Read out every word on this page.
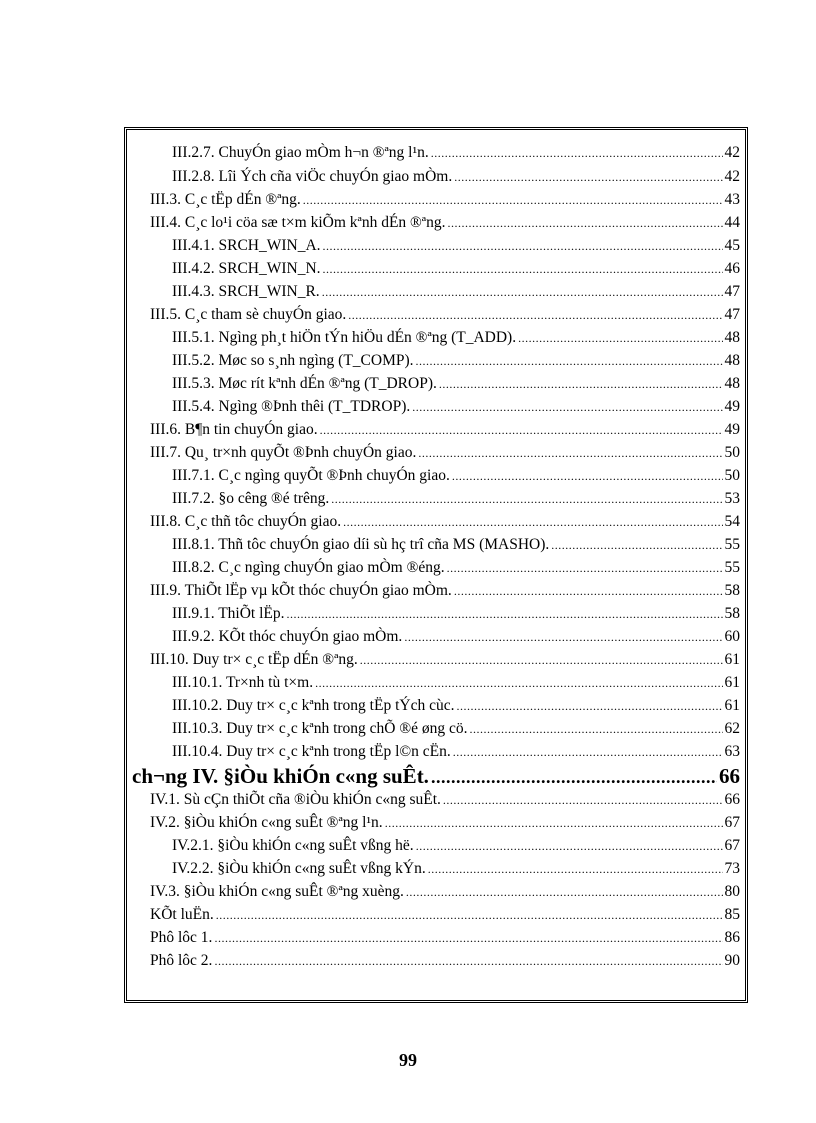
III.2.7. ChuyÓn giao mÒm h¬n ®ªng l¹n. .....	42
III.2.8. Lîi Ých cña viÖc chuyÓn giao mÒm. .....	42
III.3. C¸c tËp dÉn ®ªng. .....	43
III.4. C¸c lo¹i cöa sæ t×m kiÕm kªnh dÉn ®ªng. .....	44
III.4.1. SRCH_WIN_A. .....	45
III.4.2. SRCH_WIN_N. .....	46
III.4.3. SRCH_WIN_R. .....	47
III.5. C¸c tham sè chuyÓn giao. .....	47
III.5.1. Ngìng ph¸t hiÖn tÝn hiÖu dÉn ®ªng (T_ADD). .....	48
III.5.2. Møc so s¸nh ngìng (T_COMP). .....	48
III.5.3. Møc rít kªnh dÉn ®ªng (T_DROP). .....	48
III.5.4. Ngìng ®Þnh thêi (T_TDROP). .....	49
III.6. B¶n tin chuyÓn giao. .....	49
III.7. Qu¸ tr×nh quyÕt ®Þnh chuyÓn giao. .....	50
III.7.1. C¸c ngìng quyÕt ®Þnh chuyÓn giao. .....	50
III.7.2. §o cêng ®é trêng. .....	53
III.8. C¸c thñ tôc chuyÓn giao. .....	54
III.8.1. Thñ tôc chuyÓn giao díi sù hç trî cña MS (MASHO). .....	55
III.8.2. C¸c ngìng chuyÓn giao mÒm ®éng. .....	55
III.9. ThiÕt lËp vµ kÕt thóc chuyÓn giao mÒm. .....	58
III.9.1. ThiÕt lËp. .....	58
III.9.2. KÕt thóc chuyÓn giao mÒm. .....	60
III.10. Duy tr× c¸c tËp dÉn ®ªng. .....	61
III.10.1. Tr×nh tù t×m. .....	61
III.10.2. Duy tr× c¸c kªnh trong tËp tÝch cùc. .....	61
III.10.3. Duy tr× c¸c kªnh trong chÕ ®é øng cö. .....	62
III.10.4. Duy tr× c¸c kªnh trong tËp l©n cËn. .....	63
ch¬ng IV. §iÒu khiÓn c«ng suÊt. .....	66
IV.1. Sù cÇn thiÕt cña ®iÒu khiÓn c«ng suÊt. .....	66
IV.2. §iÒu khiÓn c«ng suÊt ®ªng l¹n. .....	67
IV.2.1. §iÒu khiÓn c«ng suÊt vßng hë. .....	67
IV.2.2. §iÒu khiÓn c«ng suÊt vßng kÝn. .....	73
IV.3. §iÒu khiÓn c«ng suÊt ®ªng xuèng. .....	80
KÕt luËn. .....	85
Phô lôc 1. .....	86
Phô lôc 2. .....	90
99
